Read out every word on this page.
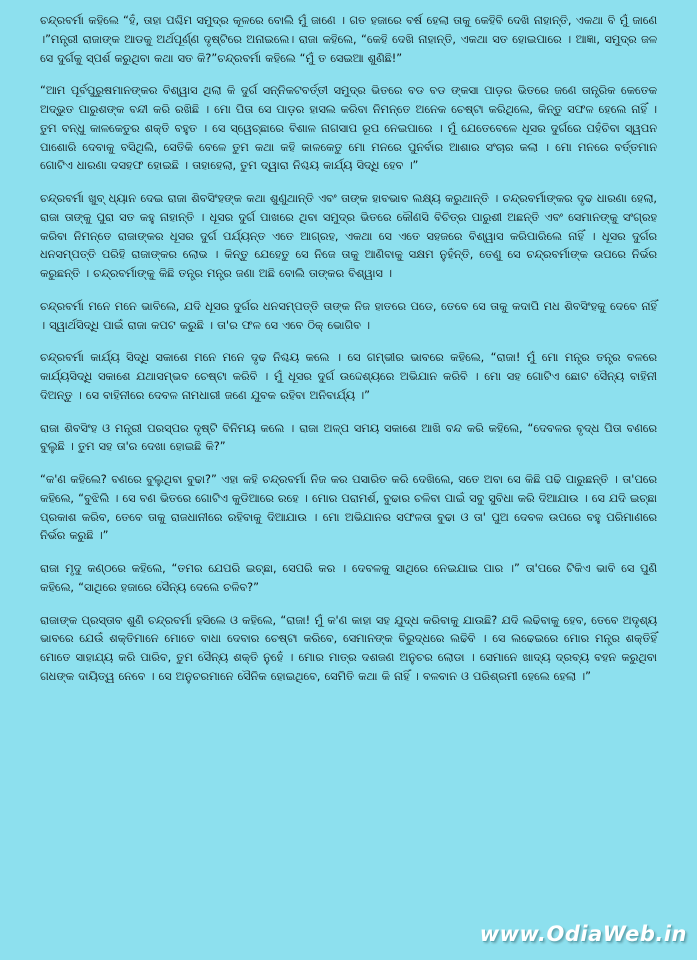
ଚନ୍ଦ୍ରବର୍ମା କହିଲେ “ହଁ, ତାହା ପଶ୍ଚିମ ସମୁଦ୍ର କୂଳରେ ବୋଲି ମୁଁ ଜାଣେ । ଗତ ହଜାରେ ବର୍ଷ ହେଲା ତାକୁ କେହିବି ଦେଖି ନାହାନ୍ତି, ଏକଥା ବି ମୁଁ ଜାଣେ ।”ମନ୍ତ୍ରୀ ରାଜାଙ୍କ ଆଡକୁ ଅର୍ଥପୂର୍ଣ୍ଣ ଦୃଷ୍ଟିରେ ଅନାଇଲେ। ରାଜା କହିଲେ, “କେହି ଦେଖି ନାହାନ୍ତି, ଏକଥା ସତ ହୋଇପାରେ । ଆଜ୍ଞା, ସମୁଦ୍ର ଜଳ ସେ ଦୁର୍ଗକୁ ସ୍ପର୍ଶ କରୁଥିବା କଥା ସତ କି?”ଚନ୍ଦ୍ରବର୍ମା କହିଲେ “ମୁଁ ତ ସେଇଆ ଶୁଣିଛି!”

“ଆମ ପୂର୍ବପୁରୁଷମାନଙ୍କର ବିଶ୍ୱାସ ଥିଲା କି ଦୁର୍ଗ ସନ୍ନିକଟବର୍ତ୍ତୀ ସମୁଦ୍ର ଭିତରେ ବଡ ବଡ ଙ୍କସା ପାଡ଼ର ଭିତରେ ଜଣେ ତାନ୍ତ୍ରିକ କେତେକ ଅଦ୍ଭୁତ ପାରୁଶଙ୍କ ବନ୍ଦୀ କରି ରଖିଛି । ମୋ ପିତା ସେ ପାଡ଼ର ହାସଲ କରିବା ନିମନ୍ତେ ଅନେକ ଚେଷ୍ଟା କରିଥିଲେ, କିନ୍ତୁ ସଫଳ ହେଲେ ନାହିଁ । ତୁମ ବନ୍ଧୁ କାଳକେତୁର ଶକ୍ତି ବହୁତ । ସେ ସ୍ୱେଚ୍ଛାରେ ବିଶାଳ ନାଗସାପ ରୂପ ନେଇପାରେ । ମୁଁ ଯେତେବେଳେ ଧୂସର ଦୁର୍ଗରେ ପହଁଚିବା ସ୍ୱପନ ପାଶୋରି ଦେବାକୁ ବସିଥିଲି, ସେତିକି ବେଳେ ତୁମ କଥା କହି କାଳକେତୁ ମୋ ମନରେ ପୁନର୍ବାର ଆଶାର ସଂଚାର କଲା । ମୋ ମନରେ ବର୍ତ୍ତମାନ ଗୋଟିଏ ଧାରଣା ଦସହଫ ହୋଇଛି । ତାହାହେଲା, ତୁମ ଦ୍ୱାରା ନିଶ୍ଚୟ କାର୍ଯ୍ୟ ସିଦ୍ଧି ହେବ ।”

ଚନ୍ଦ୍ରବର୍ମା ଖୁବ୍ ଧ୍ୟାନ ଦେଇ ରାଜା ଶିବସିଂହଙ୍କ କଥା ଶୁଣୁଥାନ୍ତି ଏବଂ ତାଙ୍କ ହାବଭାବ ଲକ୍ଷ୍ୟ କରୁଥାନ୍ତି । ଚନ୍ଦ୍ରବର୍ମାଙ୍କର ଦୃଢ ଧାରଣା ହେଲା, ରାଜା ତାଙ୍କୁ ପୁରା ସତ କହୁ ନାହାନ୍ତି । ଧୂସର ଦୁର୍ଗ ପାଖରେ ଥିବା ସମୁଦ୍ର ଭିତରେ କୌଣସି ବିଚିତ୍ର ପାରୁଶୀ ଅଛନ୍ତି ଏବଂ ସେମାନଙ୍କୁ ସଂଗ୍ରହ କରିବା ନିମନ୍ତେ ରାଜାଙ୍କର ଧୂସର ଦୁର୍ଗ ପର୍ଯ୍ୟନ୍ତ ଏତେ ଆଗ୍ରହ, ଏକଥା ସେ ଏତେ ସହଜରେ ବିଶ୍ୱାସ କରିପାରିଲେ ନାହିଁ । ଧୂସର ଦୁର୍ଗର ଧନସମ୍ପତ୍ତି ପରିହି ରାଜାଙ୍କର ଲୋଭ । କିନ୍ତୁ ଯେହେତୁ ସେ ନିଜେ ତାକୁ ଆଣିବାକୁ ସକ୍ଷମ ନୁହଁନ୍ତି, ତେଣୁ ସେ ଚନ୍ଦ୍ରବର୍ମାଙ୍କ ଉପରେ ନିର୍ଭର କରୁଛନ୍ତି । ଚନ୍ଦ୍ରବର୍ମାଙ୍କୁ କିଛି ତନ୍ତ୍ର ମନ୍ତ୍ର ଜଣା ଅଛି ବୋଲି ତାଙ୍କର ବିଶ୍ୱାସ ।

ଚନ୍ଦ୍ରବର୍ମା ମନେ ମନେ ଭାବିଲେ, ଯଦି ଧୂସର ଦୁର୍ଗର ଧନସମ୍ପତ୍ତି ତାଙ୍କ ନିଜ ହାତରେ ପଡେ, ତେବେ ସେ ତାକୁ କଦାପି ମଧ ଶିବସିଂହକୁ ଦେବେ ନାହିଁ । ସ୍ୱାର୍ଥସିଦ୍ଧି ପାଇଁ ରାଜା କପଟ କରୁଛି । ତା'ର ଫଳ ସେ ଏବେ ଠିକ୍ ଭୋଗିବ ।

ଚନ୍ଦ୍ରବର୍ମା କାର୍ଯ୍ୟ ସିଦ୍ଧି ସକାଶେ ମନେ ମନେ ଦୃଢ ନିଶ୍ଚୟ କଲେ । ସେ ଗମ୍ଭୀର ଭାବରେ କହିଲେ, “ରାଜା! ମୁଁ ମୋ ମନ୍ତ୍ର ତନ୍ତ୍ର ବଳରେ କାର୍ଯ୍ୟସିଦ୍ଧି ସକାଶେ ଯଥାସମ୍ଭବ ଚେଷ୍ଟା କରିବି । ମୁଁ ଧୂସର ଦୁର୍ଗ ଉଦ୍ଦେଶ୍ୟରେ ଅଭିଯାନ କରିବି । ମୋ ସହ ଗୋଟିଏ ଛୋଟ ସୈନ୍ୟ ବାହିନୀ ଦିଅନ୍ତୁ । ସେ ବାହିନୀରେ ଦେବଳ ନାମଧାରୀ ଜଣେ ଯୁବକ ରହିବା ଅନିବାର୍ଯ୍ୟ ।”

ରାଜା ଶିବସିଂହ ଓ ମନ୍ତ୍ରୀ ପରସ୍ପର ଦୃଷ୍ଟି ବିନିମୟ କଲେ । ରାଜା ଅଳ୍ପ ସମୟ ସକାଶେ ଆଖି ବନ୍ଦ କରି କହିଲେ, “ଦେବଳର ବୃଦ୍ଧ ପିତା ବଣରେ ବୁଲୁଛି । ତୁମ ସହ ତା'ର ଦେଖା ହୋଇଛି କି?”

“କ'ଣ କହିଲେ? ବଣରେ ବୁଲୁଥିବା ବୁଢା?” ଏହା କହି ଚନ୍ଦ୍ରବର୍ମା ନିଜ କର ପସାରିତ କରି ଦେଖିଲେ, ସତେ ଅବା ସେ କିଛି ପଢି ପାରୁଛନ୍ତି । ତା'ପରେ କହିଲେ, “ବୁଝିଲି । ସେ ବଣ ଭିତରେ ଗୋଟିଏ କୁଡିଆରେ ରହେ । ମୋର ପରାମର୍ଶ, ବୁଢାର ଚଳିବା ପାଇଁ ସବୁ ସୁବିଧା କରି ଦିଆଯାଉ । ସେ ଯଦି ଇଚ୍ଛା ପ୍ରକାଶ କରିବ, ତେବେ ତାକୁ ରାଜଧାନୀରେ ରହିବାକୁ ଦିଆଯାଉ । ମୋ ଅଭିଯାନର ସଫଳତା ବୁଢା ଓ ତା' ପୁଅ ଦେବଳ ଉପରେ ବହୁ ପରିମାଣରେ ନିର୍ଭର କରୁଛି ।”

ରାଜା ମୃଦୁ କଣ୍ଠରେ କହିଲେ, “ତମର ଯେପରି ଇଚ୍ଛା, ସେପରି କର । ଦେବଳକୁ ସାଥିରେ ନେଇଯାଇ ପାର ।” ତା'ପରେ ଟିକିଏ ଭାବି ସେ ପୁଣି କହିଲେ, “ସାଥିରେ ହଜାରେ ସୈନ୍ୟ ଦେଲେ ଚଳିବ?”

ରାଜାଙ୍କ ପ୍ରସ୍ତାବ ଶୁଣି ଚନ୍ଦ୍ରବର୍ମା ହସିଲେ ଓ କହିଲେ, “ରାଜା! ମୁଁ କ'ଣ କାହା ସହ ଯୁଦ୍ଧ କରିବାକୁ ଯାଉଛି? ଯଦି ଲଢିବାକୁ ହେବ, ତେବେ ଅଦୃଶ୍ୟ ଭାବରେ ଯେଉଁ ଶକ୍ତିମାନେ ମୋତେ ବାଧା ଦେବାର ଚେଷ୍ଟା କରିବେ, ସେମାନଙ୍କ ବିରୁଦ୍ଧରେ ଲଢିବି । ସେ ଲଢେଇରେ ମୋର ମନ୍ତ୍ର ଶକ୍ତିହିଁ ମୋତେ ସାହାଯ୍ୟ କରି ପାରିବ, ତୁମ ସୈନ୍ୟ ଶକ୍ତି ନୁହେଁ । ମୋର ମାତ୍ର ଦଶଜଣ ଅନୁଚର ଲୋଡା । ସେମାନେ ଖାଦ୍ୟ ଦ୍ରବ୍ୟ ବହନ କରୁଥିବା ଗଧଙ୍କ ଦାୟିତ୍ୱ ନେବେ । ସେ ଅନୁଚରମାନେ ସୈନିକ ହୋଇଥିବେ, ସେମିତି କଥା କି ନାହିଁ । ବଳବାନ ଓ ପରିଶ୍ରମୀ ହେଲେ ହେଲା ।”

www.OdiaWeb.in
